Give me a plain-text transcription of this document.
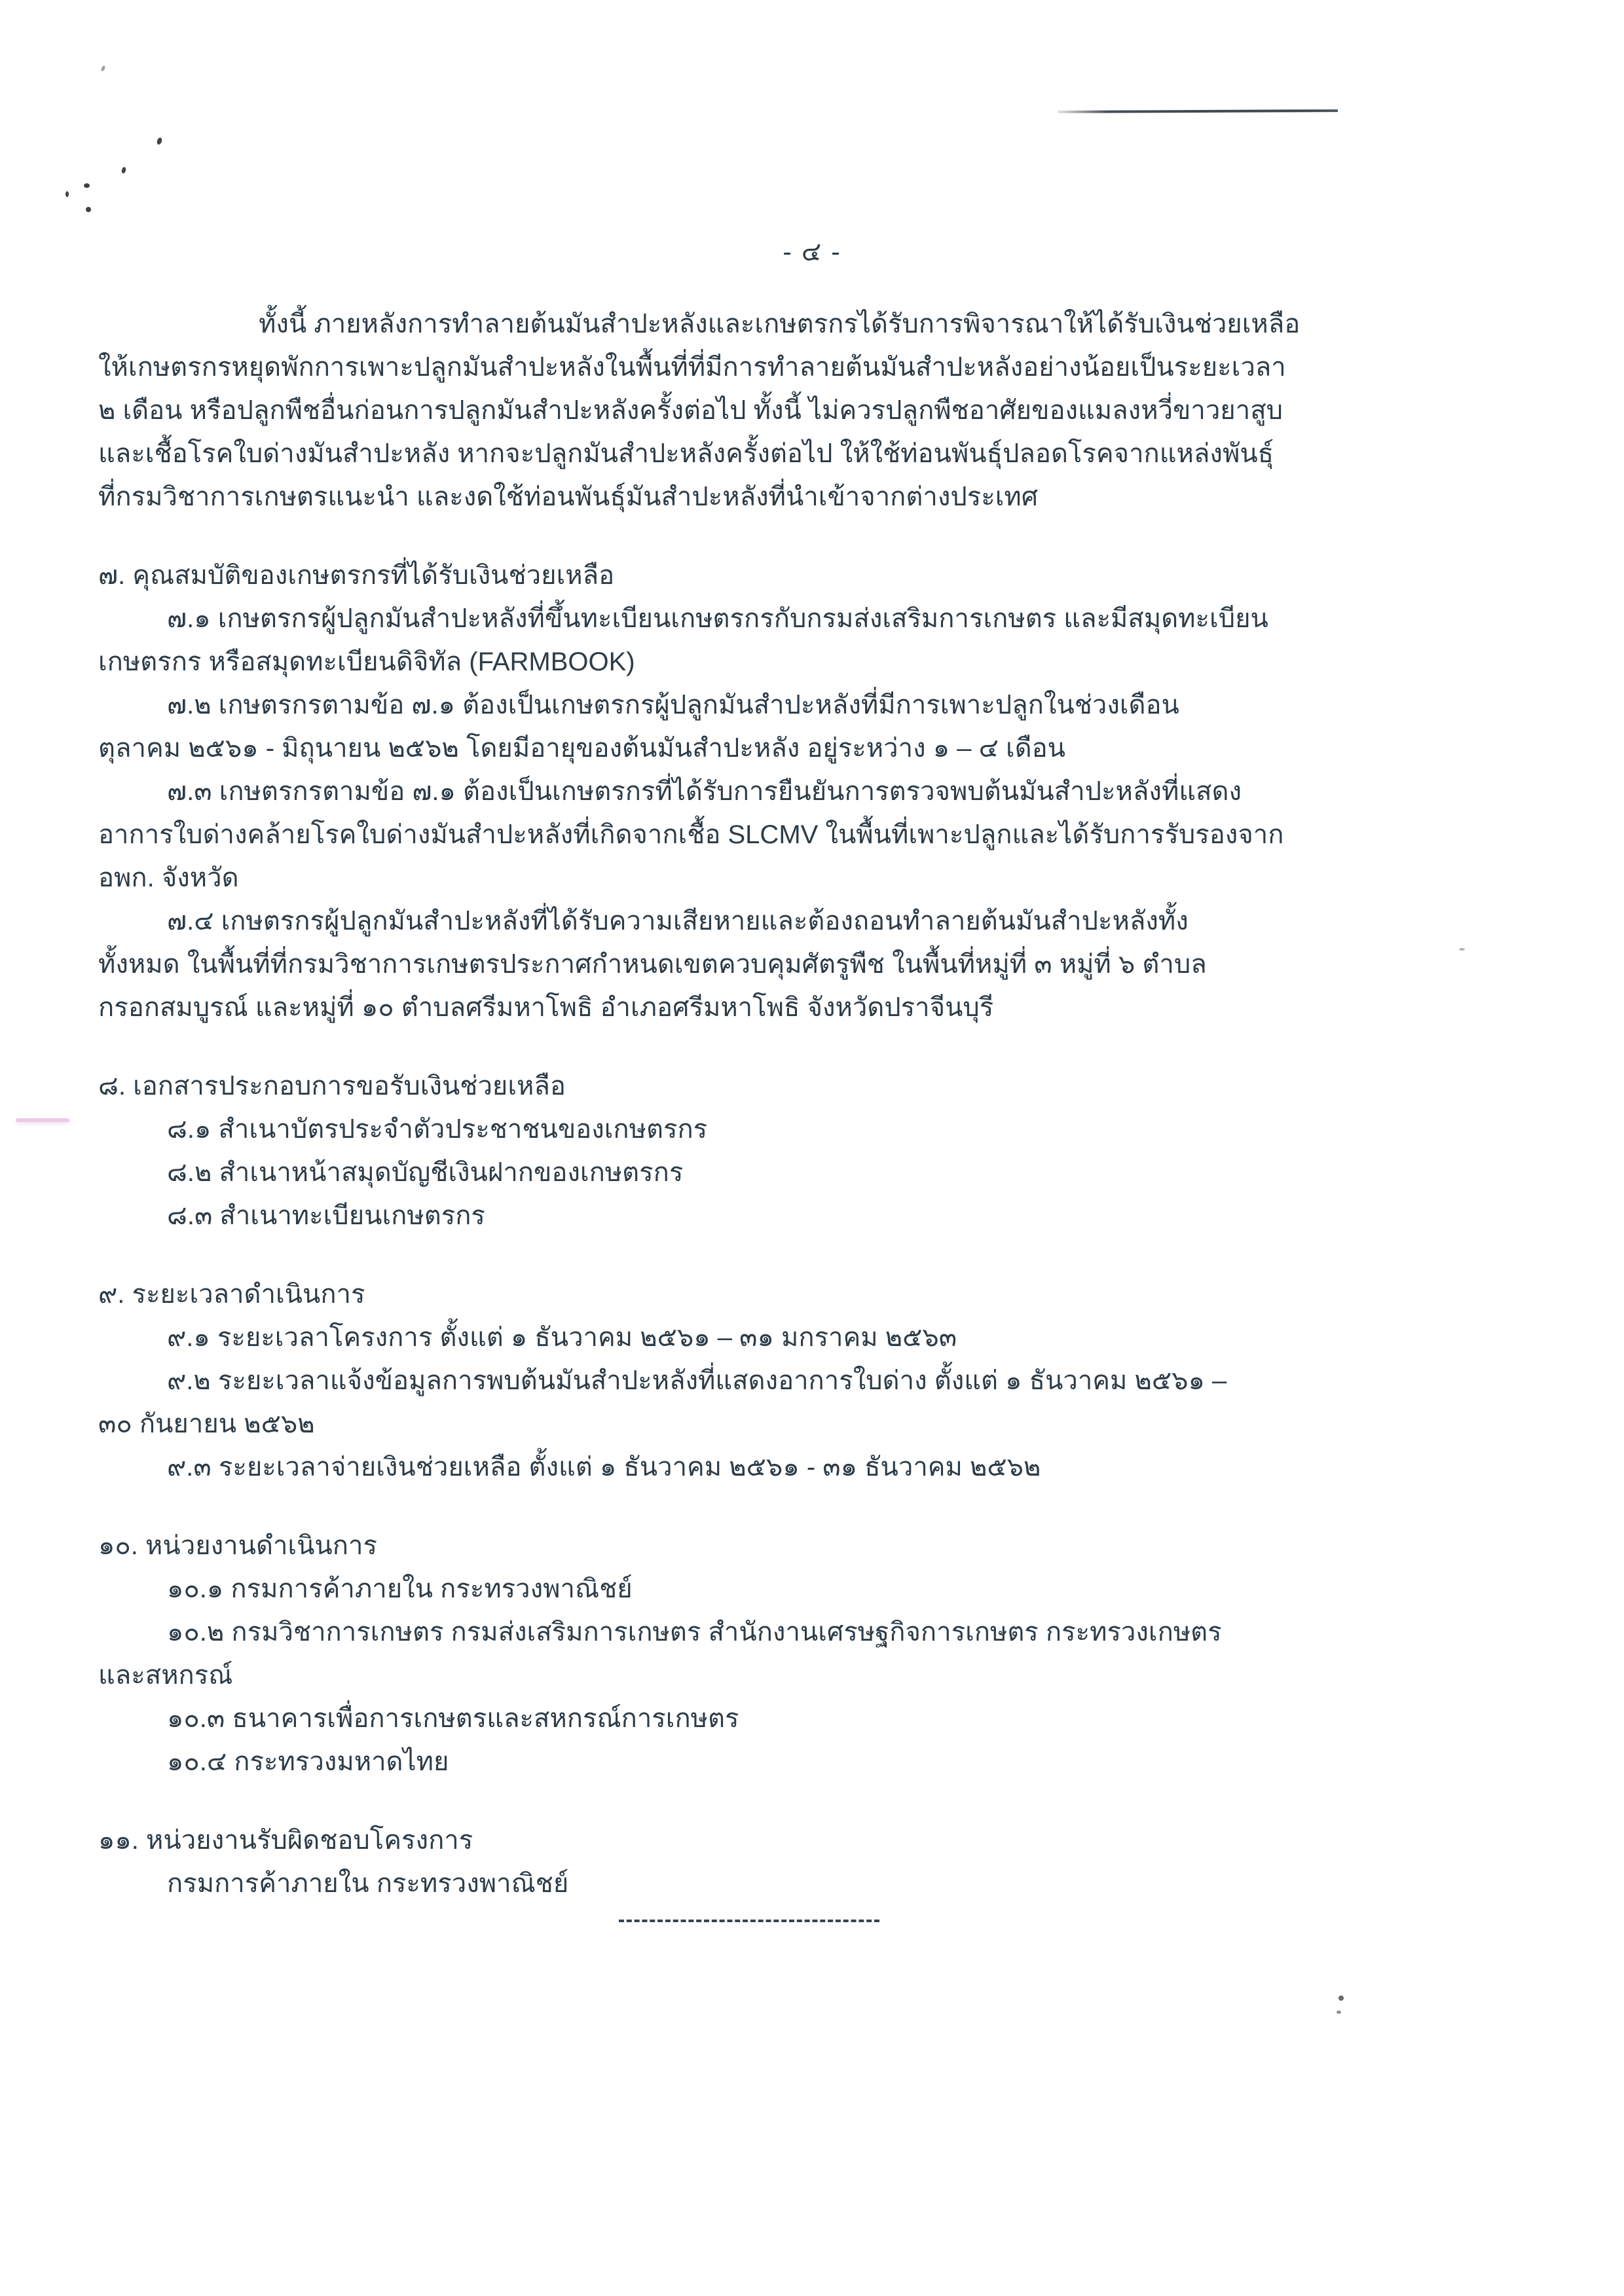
- ๔ -
ทั้งนี้ ภายหลังการทำลายต้นมันสำปะหลังและเกษตรกรได้รับการพิจารณาให้ได้รับเงินช่วยเหลือ
ให้เกษตรกรหยุดพักการเพาะปลูกมันสำปะหลังในพื้นที่ที่มีการทำลายต้นมันสำปะหลังอย่างน้อยเป็นระยะเวลา
๒ เดือน หรือปลูกพืชอื่นก่อนการปลูกมันสำปะหลังครั้งต่อไป ทั้งนี้ ไม่ควรปลูกพืชอาศัยของแมลงหวี่ขาวยาสูบ
และเชื้อโรคใบด่างมันสำปะหลัง หากจะปลูกมันสำปะหลังครั้งต่อไป ให้ใช้ท่อนพันธุ์ปลอดโรคจากแหล่งพันธุ์
ที่กรมวิชาการเกษตรแนะนำ และงดใช้ท่อนพันธุ์มันสำปะหลังที่นำเข้าจากต่างประเทศ
๗. คุณสมบัติของเกษตรกรที่ได้รับเงินช่วยเหลือ
๗.๑ เกษตรกรผู้ปลูกมันสำปะหลังที่ขึ้นทะเบียนเกษตรกรกับกรมส่งเสริมการเกษตร และมีสมุดทะเบียน
เกษตรกร หรือสมุดทะเบียนดิจิทัล (FARMBOOK)
๗.๒ เกษตรกรตามข้อ ๗.๑ ต้องเป็นเกษตรกรผู้ปลูกมันสำปะหลังที่มีการเพาะปลูกในช่วงเดือน
ตุลาคม ๒๕๖๑ - มิถุนายน ๒๕๖๒ โดยมีอายุของต้นมันสำปะหลัง อยู่ระหว่าง ๑ – ๔ เดือน
๗.๓ เกษตรกรตามข้อ ๗.๑ ต้องเป็นเกษตรกรที่ได้รับการยืนยันการตรวจพบต้นมันสำปะหลังที่แสดง
อาการใบด่างคล้ายโรคใบด่างมันสำปะหลังที่เกิดจากเชื้อ SLCMV ในพื้นที่เพาะปลูกและได้รับการรับรองจาก
อพก. จังหวัด
๗.๔ เกษตรกรผู้ปลูกมันสำปะหลังที่ได้รับความเสียหายและต้องถอนทำลายต้นมันสำปะหลังทั้ง
ทั้งหมด ในพื้นที่ที่กรมวิชาการเกษตรประกาศกำหนดเขตควบคุมศัตรูพืช ในพื้นที่หมู่ที่ ๓ หมู่ที่ ๖ ตำบล
กรอกสมบูรณ์ และหมู่ที่ ๑๐ ตำบลศรีมหาโพธิ อำเภอศรีมหาโพธิ จังหวัดปราจีนบุรี
๘. เอกสารประกอบการขอรับเงินช่วยเหลือ
๘.๑ สำเนาบัตรประจำตัวประชาชนของเกษตรกร
๘.๒ สำเนาหน้าสมุดบัญชีเงินฝากของเกษตรกร
๘.๓ สำเนาทะเบียนเกษตรกร
๙. ระยะเวลาดำเนินการ
๙.๑ ระยะเวลาโครงการ ตั้งแต่ ๑ ธันวาคม ๒๕๖๑ – ๓๑ มกราคม ๒๕๖๓
๙.๒ ระยะเวลาแจ้งข้อมูลการพบต้นมันสำปะหลังที่แสดงอาการใบด่าง ตั้งแต่ ๑ ธันวาคม ๒๕๖๑ –
๓๐ กันยายน ๒๕๖๒
๙.๓ ระยะเวลาจ่ายเงินช่วยเหลือ ตั้งแต่ ๑ ธันวาคม ๒๕๖๑ - ๓๑ ธันวาคม ๒๕๖๒
๑๐. หน่วยงานดำเนินการ
๑๐.๑ กรมการค้าภายใน กระทรวงพาณิชย์
๑๐.๒ กรมวิชาการเกษตร กรมส่งเสริมการเกษตร สำนักงานเศรษฐกิจการเกษตร กระทรวงเกษตร
และสหกรณ์
๑๐.๓ ธนาคารเพื่อการเกษตรและสหกรณ์การเกษตร
๑๐.๔ กระทรวงมหาดไทย
๑๑. หน่วยงานรับผิดชอบโครงการ
กรมการค้าภายใน กระทรวงพาณิชย์
